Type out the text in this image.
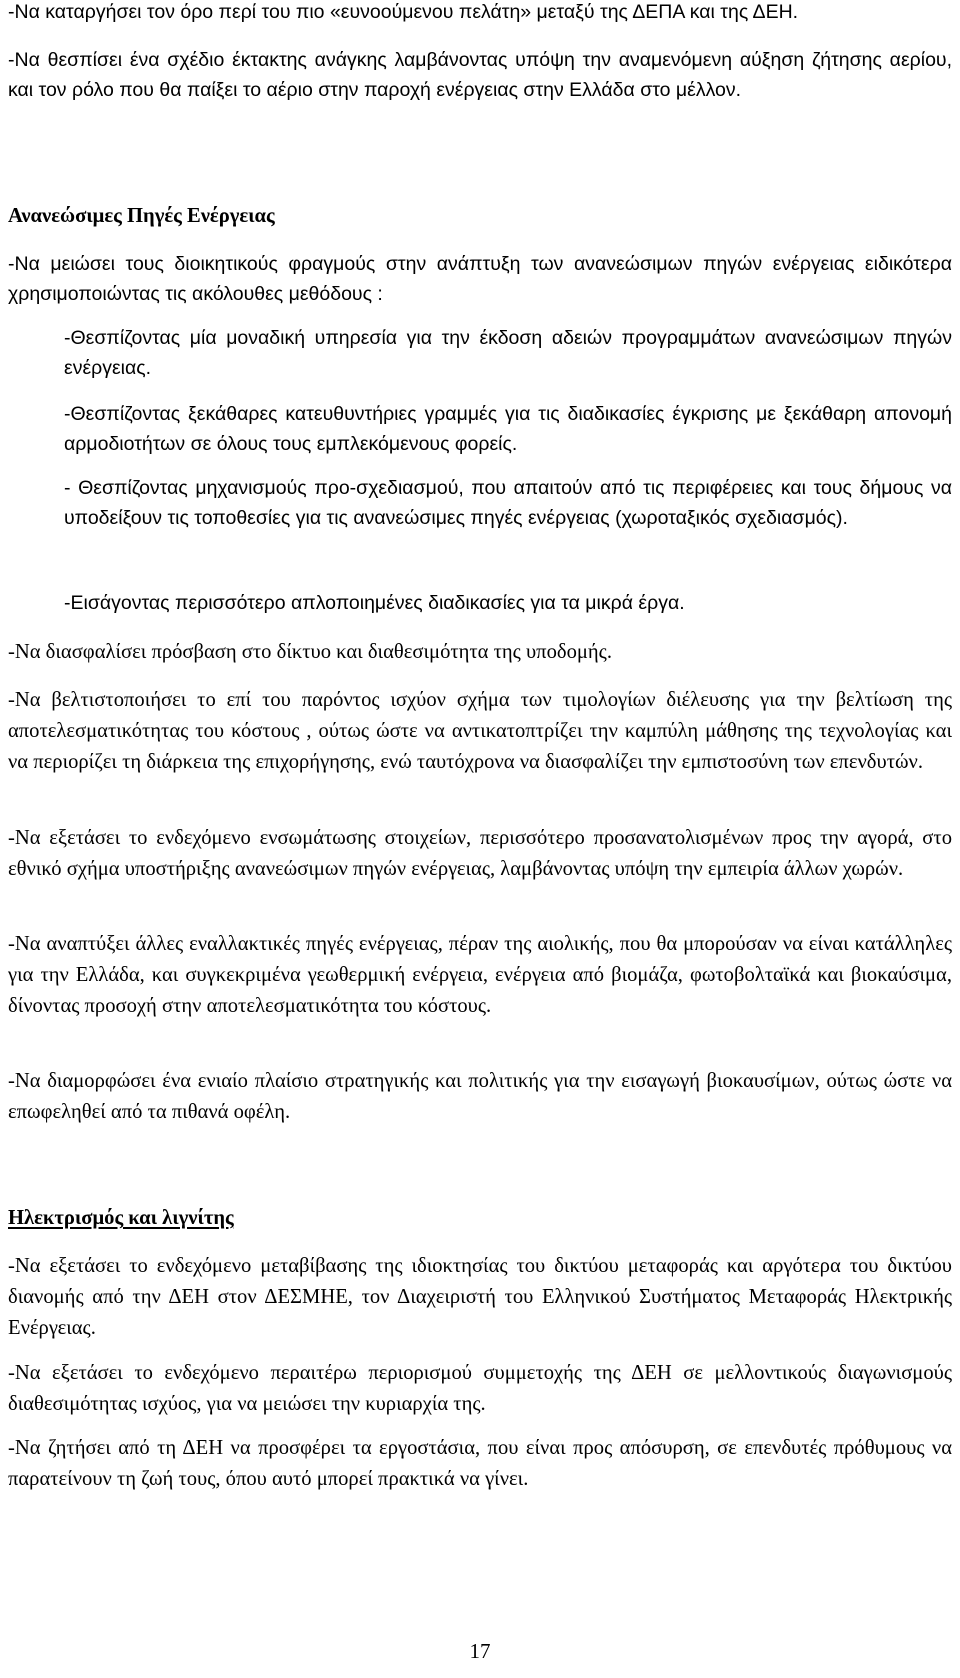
-Να καταργήσει τον όρο περί του πιο «ευνοούμενου πελάτη» μεταξύ της ΔΕΠΑ και της ΔΕΗ.

-Να θεσπίσει ένα σχέδιο έκτακτης ανάγκης λαμβάνοντας υπόψη την αναμενόμενη αύξηση ζήτησης αερίου, και τον ρόλο που θα παίξει το αέριο στην παροχή ενέργειας στην Ελλάδα στο μέλλον.

Ανανεώσιμες Πηγές Ενέργειας

-Να μειώσει τους διοικητικούς φραγμούς στην ανάπτυξη των ανανεώσιμων πηγών ενέργειας ειδικότερα χρησιμοποιώντας τις ακόλουθες μεθόδους :

-Θεσπίζοντας μία μοναδική υπηρεσία για την έκδοση αδειών προγραμμάτων ανανεώσιμων πηγών ενέργειας.

-Θεσπίζοντας ξεκάθαρες κατευθυντήριες γραμμές για τις διαδικασίες έγκρισης με ξεκάθαρη απονομή αρμοδιοτήτων σε όλους τους εμπλεκόμενους φορείς.

- Θεσπίζοντας μηχανισμούς προ-σχεδιασμού, που απαιτούν από τις περιφέρειες και τους δήμους να υποδείξουν τις τοποθεσίες για τις ανανεώσιμες πηγές ενέργειας (χωροταξικός σχεδιασμός).

-Εισάγοντας περισσότερο απλοποιημένες διαδικασίες για τα μικρά έργα.

-Να διασφαλίσει πρόσβαση στο δίκτυο και διαθεσιμότητα της υποδομής.

-Να βελτιστοποιήσει το επί του παρόντος ισχύον σχήμα των τιμολογίων διέλευσης για την βελτίωση της αποτελεσματικότητας του κόστους , ούτως ώστε να αντικατοπτρίζει την καμπύλη μάθησης της τεχνολογίας και να περιορίζει τη διάρκεια της επιχορήγησης, ενώ ταυτόχρονα να διασφαλίζει την εμπιστοσύνη των επενδυτών.

-Να εξετάσει το ενδεχόμενο ενσωμάτωσης στοιχείων, περισσότερο προσανατολισμένων προς την αγορά, στο εθνικό σχήμα υποστήριξης ανανεώσιμων πηγών ενέργειας, λαμβάνοντας υπόψη την εμπειρία άλλων χωρών.

-Να αναπτύξει άλλες εναλλακτικές πηγές ενέργειας, πέραν της αιολικής, που θα μπορούσαν να είναι κατάλληλες για την Ελλάδα, και συγκεκριμένα γεωθερμική ενέργεια, ενέργεια από βιομάζα, φωτοβολταϊκά και βιοκαύσιμα, δίνοντας προσοχή στην αποτελεσματικότητα του κόστους.

-Να διαμορφώσει ένα ενιαίο πλαίσιο στρατηγικής και πολιτικής για την εισαγωγή βιοκαυσίμων, ούτως ώστε να επωφεληθεί από τα πιθανά οφέλη.

Ηλεκτρισμός και λιγνίτης

-Να εξετάσει το ενδεχόμενο μεταβίβασης της ιδιοκτησίας του δικτύου μεταφοράς και αργότερα του δικτύου διανομής από την ΔΕΗ στον ΔΕΣΜΗΕ, τον Διαχειριστή του Ελληνικού Συστήματος Μεταφοράς Ηλεκτρικής Ενέργειας.

-Να εξετάσει το ενδεχόμενο περαιτέρω περιορισμού συμμετοχής της ΔΕΗ σε μελλοντικούς διαγωνισμούς διαθεσιμότητας ισχύος, για να μειώσει την κυριαρχία της.

-Να ζητήσει από τη ΔΕΗ να προσφέρει τα εργοστάσια, που είναι προς απόσυρση, σε επενδυτές πρόθυμους να παρατείνουν τη ζωή τους, όπου αυτό μπορεί πρακτικά να γίνει.

17
